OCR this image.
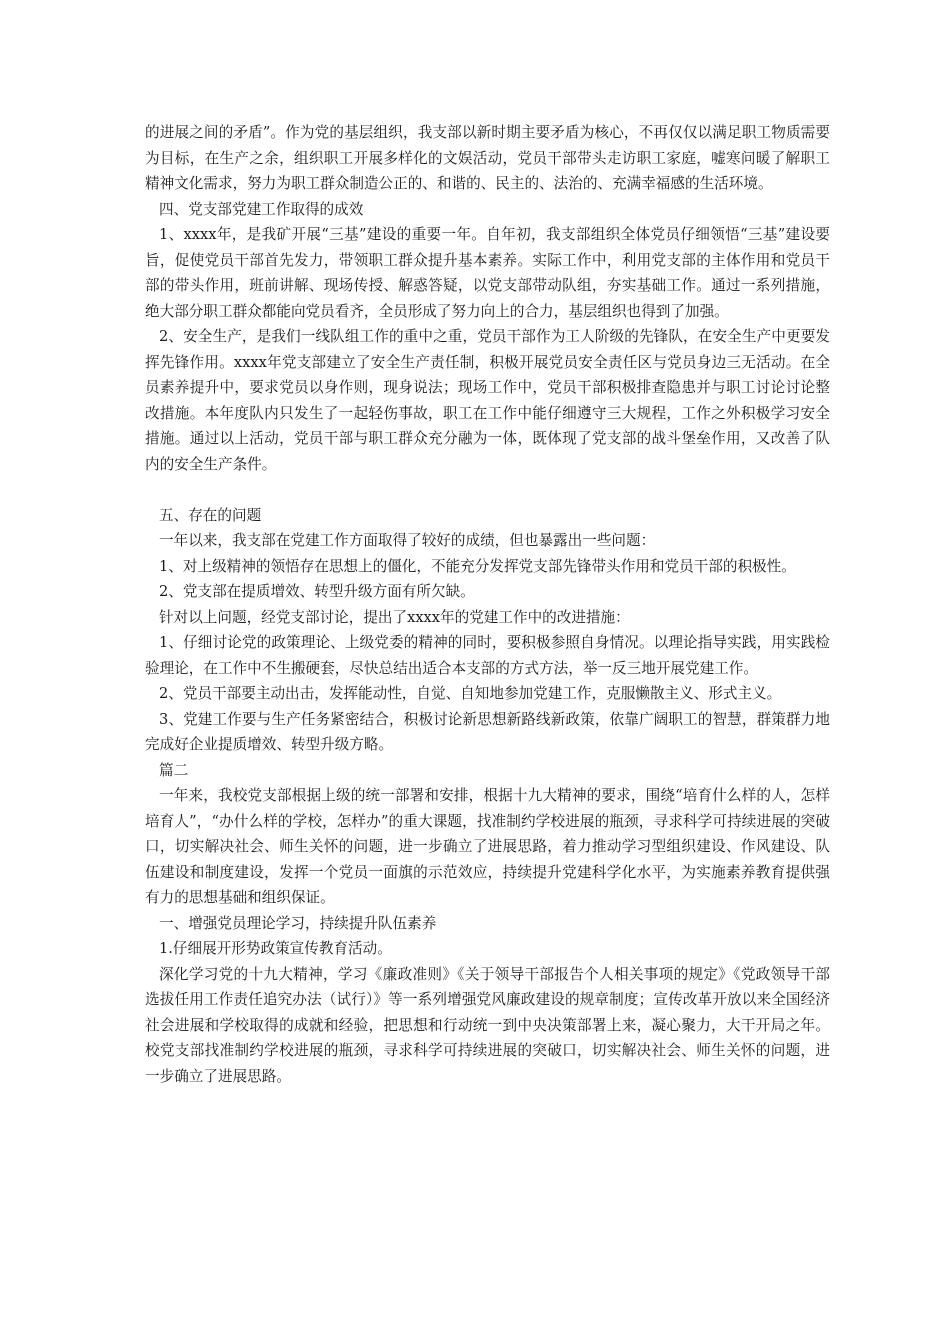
的进展之间的矛盾”。作为党的基层组织，我支部以新时期主要矛盾为核心，不再仅仅以满足职工物质需要为目标，在生产之余，组织职工开展多样化的文娱活动，党员干部带头走访职工家庭，嘘寒问暖了解职工精神文化需求，努力为职工群众制造公正的、和谐的、民主的、法治的、充满幸福感的生活环境。

四、党支部党建工作取得的成效

1、xxxx年，是我矿开展“三基”建设的重要一年。自年初，我支部组织全体党员仔细领悟“三基”建设要旨，促使党员干部首先发力，带领职工群众提升基本素养。实际工作中，利用党支部的主体作用和党员干部的带头作用，班前讲解、现场传授、解惑答疑，以党支部带动队组，夯实基础工作。通过一系列措施，绝大部分职工群众都能向党员看齐，全员形成了努力向上的合力，基层组织也得到了加强。

2、安全生产，是我们一线队组工作的重中之重，党员干部作为工人阶级的先锋队，在安全生产中更要发挥先锋作用。xxxx年党支部建立了安全生产责任制，积极开展党员安全责任区与党员身边三无活动。在全员素养提升中，要求党员以身作则，现身说法；现场工作中，党员干部积极排查隐患并与职工讨论讨论整改措施。本年度队内只发生了一起轻伤事故，职工在工作中能仔细遵守三大规程，工作之外积极学习安全措施。通过以上活动，党员干部与职工群众充分融为一体，既体现了党支部的战斗堡垒作用，又改善了队内的安全生产条件。

五、存在的问题

一年以来，我支部在党建工作方面取得了较好的成绩，但也暴露出一些问题：

1、对上级精神的领悟存在思想上的僵化，不能充分发挥党支部先锋带头作用和党员干部的积极性。

2、党支部在提质增效、转型升级方面有所欠缺。

针对以上问题，经党支部讨论，提出了xxxx年的党建工作中的改进措施：

1、仔细讨论党的政策理论、上级党委的精神的同时，要积极参照自身情况。以理论指导实践，用实践检验理论，在工作中不生搬硬套，尽快总结出适合本支部的方式方法，举一反三地开展党建工作。

2、党员干部要主动出击，发挥能动性，自觉、自知地参加党建工作，克服懒散主义、形式主义。

3、党建工作要与生产任务紧密结合，积极讨论新思想新路线新政策，依靠广阔职工的智慧，群策群力地完成好企业提质增效、转型升级方略。

篇二

一年来，我校党支部根据上级的统一部署和安排，根据十九大精神的要求，围绕“培育什么样的人，怎样培育人”，“办什么样的学校，怎样办”的重大课题，找准制约学校进展的瓶颈，寻求科学可持续进展的突破口，切实解决社会、师生关怀的问题，进一步确立了进展思路，着力推动学习型组织建设、作风建设、队伍建设和制度建设，发挥一个党员一面旗的示范效应，持续提升党建科学化水平，为实施素养教育提供强有力的思想基础和组织保证。

一、增强党员理论学习，持续提升队伍素养

1.仔细展开形势政策宣传教育活动。

深化学习党的十九大精神，学习《廉政准则》《关于领导干部报告个人相关事项的规定》《党政领导干部选拔任用工作责任追究办法（试行）》等一系列增强党风廉政建设的规章制度；宣传改革开放以来全国经济社会进展和学校取得的成就和经验，把思想和行动统一到中央决策部署上来，凝心聚力，大干开局之年。校党支部找准制约学校进展的瓶颈，寻求科学可持续进展的突破口，切实解决社会、师生关怀的问题，进一步确立了进展思路。
